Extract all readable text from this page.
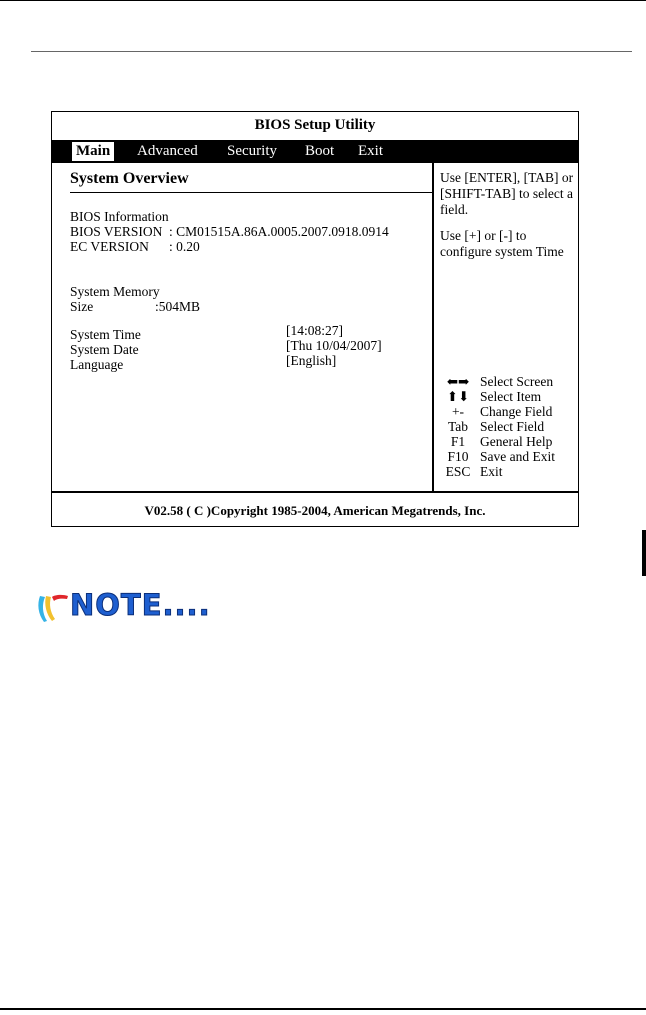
BIOS Setup Utility
Main Advanced Security Boot Exit
System Overview
BIOS Information
BIOS VERSION : CM01515A.86A.0005.2007.0918.0914
EC VERSION : 0.20
System Memory
Size	:504MB
System Time	[14:08:27]
System Date	[Thu 10/04/2007]
Language	[English]

Use [ENTER], [TAB] or [SHIFT-TAB] to select a field.

Use [+] or [-] to configure system Time

⬅➡ Select Screen
⬆⬇ Select Item
+-	Change Field
Tab Select Field
F1	General Help
F10 Save and Exit
ESC Exit
V02.58 ( C )Copyright 1985-2004, American Megatrends, Inc.
NOTE....
